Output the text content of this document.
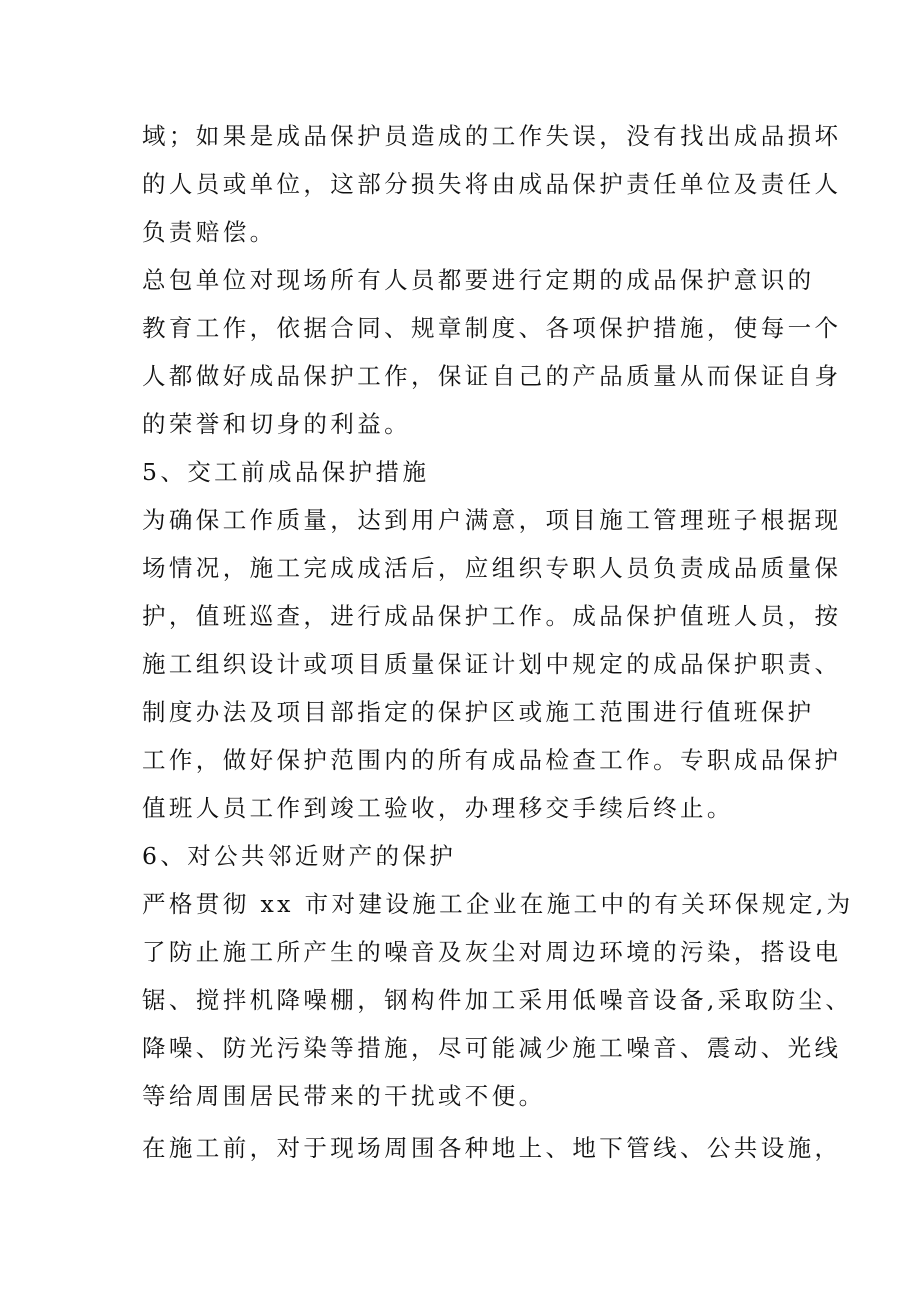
域；如果是成品保护员造成的工作失误，没有找出成品损坏
的人员或单位，这部分损失将由成品保护责任单位及责任人
负责赔偿。
总包单位对现场所有人员都要进行定期的成品保护意识的
教育工作，依据合同、规章制度、各项保护措施，使每一个
人都做好成品保护工作，保证自己的产品质量从而保证自身
的荣誉和切身的利益。
5、交工前成品保护措施
为确保工作质量，达到用户满意，项目施工管理班子根据现
场情况，施工完成成活后，应组织专职人员负责成品质量保
护，值班巡查，进行成品保护工作。成品保护值班人员，按
施工组织设计或项目质量保证计划中规定的成品保护职责、
制度办法及项目部指定的保护区或施工范围进行值班保护
工作，做好保护范围内的所有成品检查工作。专职成品保护
值班人员工作到竣工验收，办理移交手续后终止。
6、对公共邻近财产的保护
严格贯彻 xx 市对建设施工企业在施工中的有关环保规定,为
了防止施工所产生的噪音及灰尘对周边环境的污染，搭设电
锯、搅拌机降噪棚，钢构件加工采用低噪音设备,采取防尘、
降噪、防光污染等措施，尽可能减少施工噪音、震动、光线
等给周围居民带来的干扰或不便。
在施工前，对于现场周围各种地上、地下管线、公共设施，
